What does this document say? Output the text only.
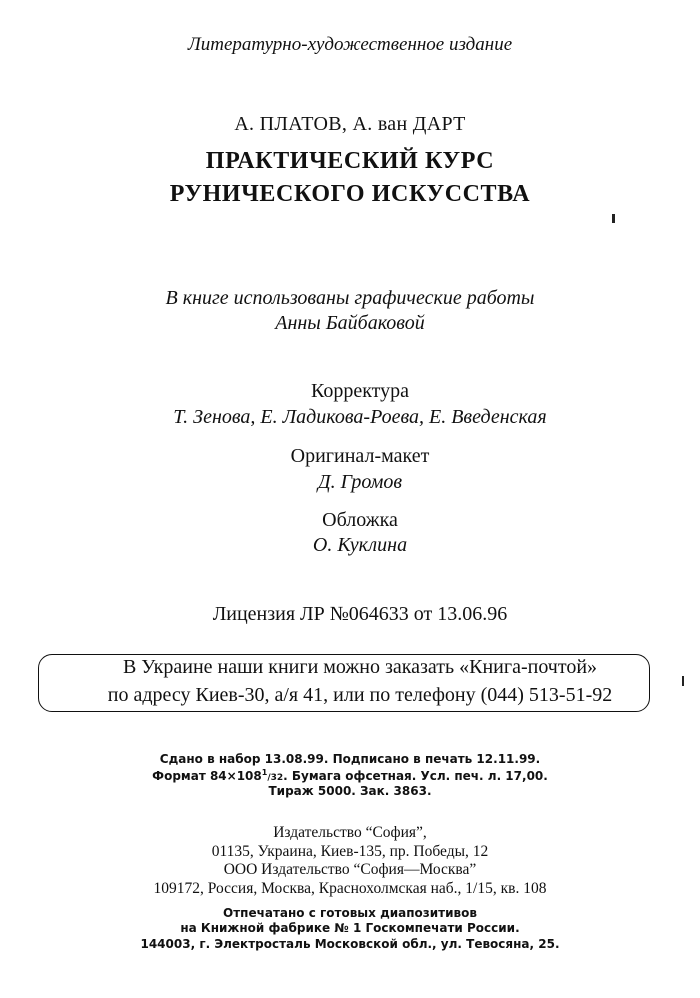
Литературно-художественное издание
А. ПЛАТОВ, А. ван ДАРТ
ПРАКТИЧЕСКИЙ КУРС
РУНИЧЕСКОГО ИСКУССТВА
В книге использованы графические работы
Анны Байбаковой
Корректура
Т. Зенова, Е. Ладикова-Роева, Е. Введенская
Оригинал-макет
Д. Громов
Обложка
О. Куклина
Лицензия ЛР №064633 от 13.06.96
В Украине наши книги можно заказать «Книга-почтой»
по адресу Киев-30, а/я 41, или по телефону (044) 513-51-92
Сдано в набор 13.08.99. Подписано в печать 12.11.99.
Формат $84\times 108^1/32$. Бумага офсетная. Усл. печ. л. 17,00.
Тираж 5000. Зак. 3863.
Издательство “София”,
01135, Украина, Киев-135, пр. Победы, 12
ООО Издательство “София—Москва”
109172, Россия, Москва, Краснохолмская наб., 1/15, кв. 108
Отпечатано с готовых диапозитивов
на Книжной фабрике № 1 Госкомпечати России.
144003, г. Электросталь Московской обл., ул. Тевосяна, 25.
